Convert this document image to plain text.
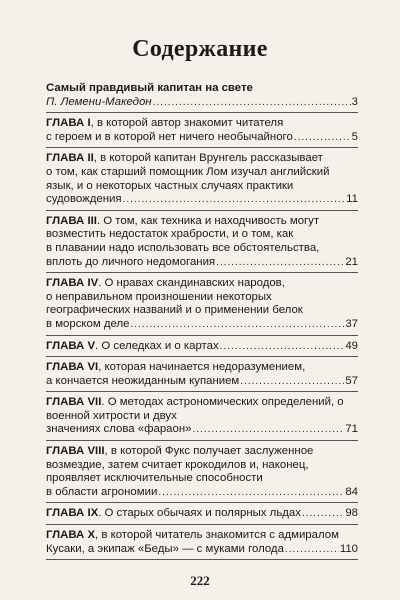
Содержание
Самый правдивый капитан на свете
П. Лемени-Македон .....	3
ГЛАВА I, в которой автор знакомит читателя
с героем и в которой нет ничего необычайного .....	5
ГЛАВА II, в которой капитан Врунгель рассказывает
о том, как старший помощник Лом изучал английский
язык, и о некоторых частных случаях практики
судовождения .....	11
ГЛАВА III. О том, как техника и находчивость могут
возместить недостаток храбрости, и о том, как
в плавании надо использовать все обстоятельства,
вплоть до личного недомогания .....	21
ГЛАВА IV. О нравах скандинавских народов,
о неправильном произношении некоторых
географических названий и о применении белок
в морском деле .....	37
ГЛАВА V. О селедках и о картах .....	49
ГЛАВА VI, которая начинается недоразумением,
а кончается неожиданным купанием .....	57
ГЛАВА VII. О методах астрономических определений, о
военной хитрости и двух
значениях слова «фараон» .....	71
ГЛАВА VIII, в которой Фукс получает заслуженное
возмездие, затем считает крокодилов и, наконец,
проявляет исключительные способности
в области агрономии .....	84
ГЛАВА IX. О старых обычаях и полярных льдах .....	98
ГЛАВА X, в которой читатель знакомится с адмиралом
Кусаки, а экипаж «Беды» — с муками голода .....	110
222
